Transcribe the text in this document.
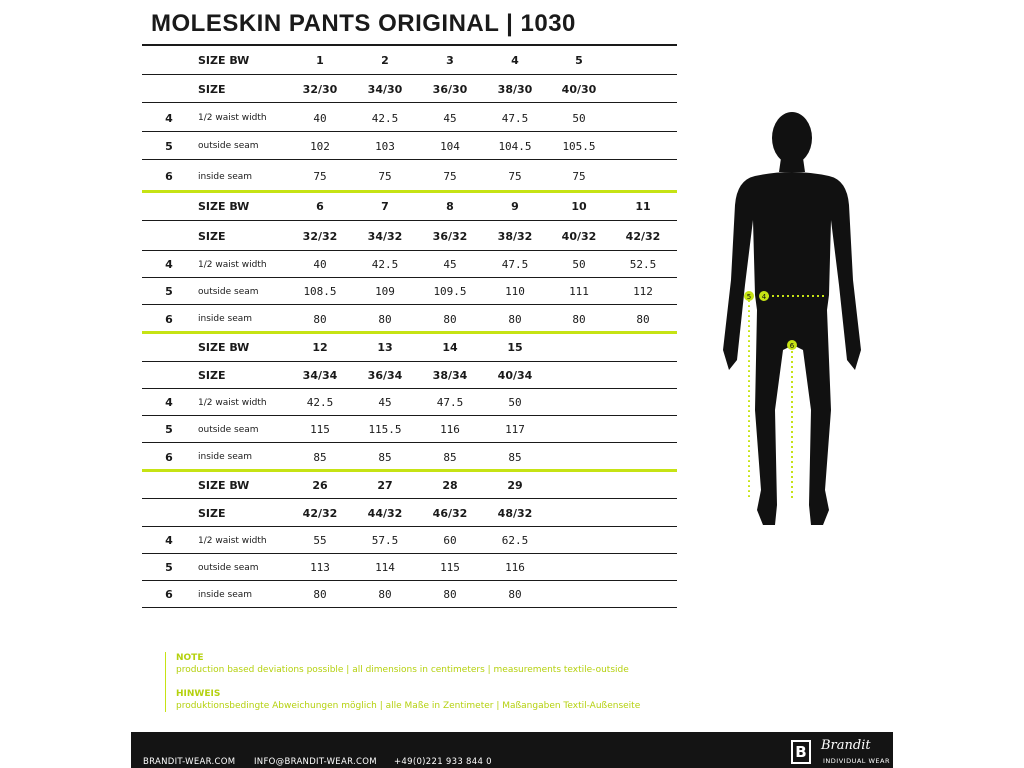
MOLESKIN PANTS ORIGINAL | 1030
SIZE BW	1	2	3	4	5
SIZE	32/30	34/30	36/30	38/30	40/30
4	1/2 waist width	40	42.5	45	47.5	50
5	outside seam	102	103	104	104.5	105.5
6	inside seam	75	75	75	75	75
SIZE BW	6	7	8	9	10	11
SIZE	32/32	34/32	36/32	38/32	40/32	42/32
4	1/2 waist width	40	42.5	45	47.5	50	52.5
5	outside seam	108.5	109	109.5	110	111	112
6	inside seam	80	80	80	80	80	80
SIZE BW	12	13	14	15
SIZE	34/34	36/34	38/34	40/34
4	1/2 waist width	42.5	45	47.5	50
5	outside seam	115	115.5	116	117
6	inside seam	85	85	85	85
SIZE BW	26	27	28	29
SIZE	42/32	44/32	46/32	48/32
4	1/2 waist width	55	57.5	60	62.5
5	outside seam	113	114	115	116
6	inside seam	80	80	80	80
5 4
6
NOTE
production based deviations possible | all dimensions in centimeters | measurements textile-outside
HINWEIS
produktionsbedingte Abweichungen möglich | alle Maße in Zentimeter | Maßangaben Textil-Außenseite
BRANDIT-WEAR.COM INFO@BRANDIT-WEAR.COM +49(0)221 933 844 0
B	Brandit
INDIVIDUAL WEAR
